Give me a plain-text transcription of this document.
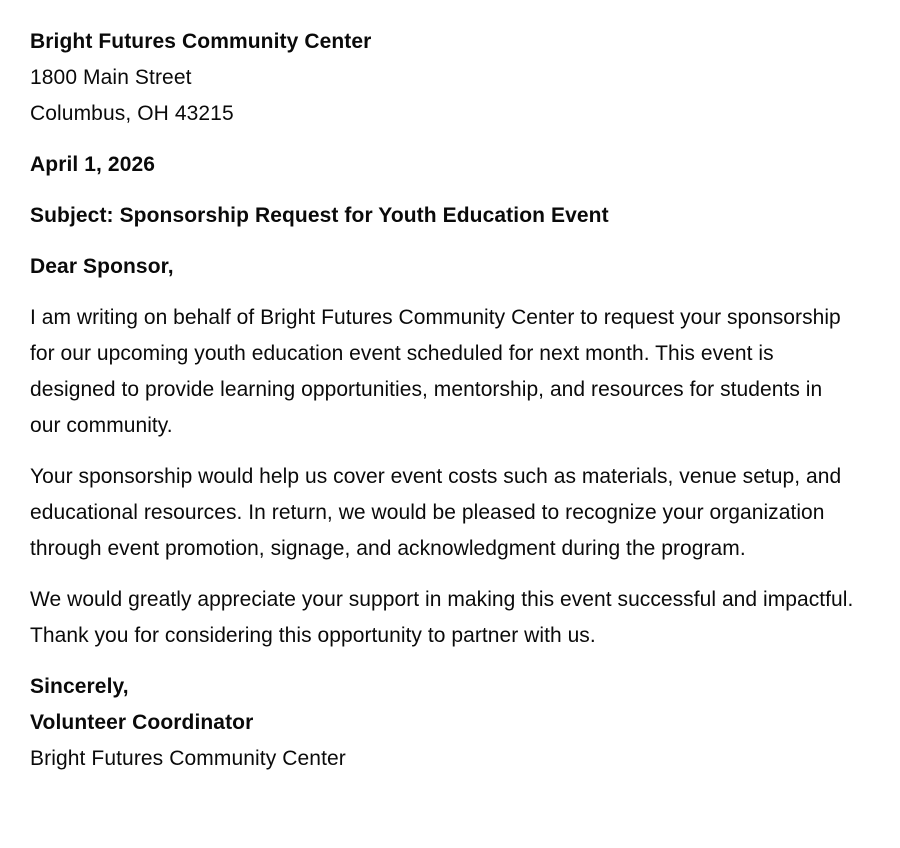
Bright Futures Community Center
1800 Main Street
Columbus, OH 43215
April 1, 2026
Subject: Sponsorship Request for Youth Education Event
Dear Sponsor,

I am writing on behalf of Bright Futures Community Center to request your sponsorship for our upcoming youth education event scheduled for next month. This event is designed to provide learning opportunities, mentorship, and resources for students in our community.

Your sponsorship would help us cover event costs such as materials, venue setup, and educational resources. In return, we would be pleased to recognize your organization through event promotion, signage, and acknowledgment during the program.

We would greatly appreciate your support in making this event successful and impactful. Thank you for considering this opportunity to partner with us.

Sincerely,
Volunteer Coordinator
Bright Futures Community Center
